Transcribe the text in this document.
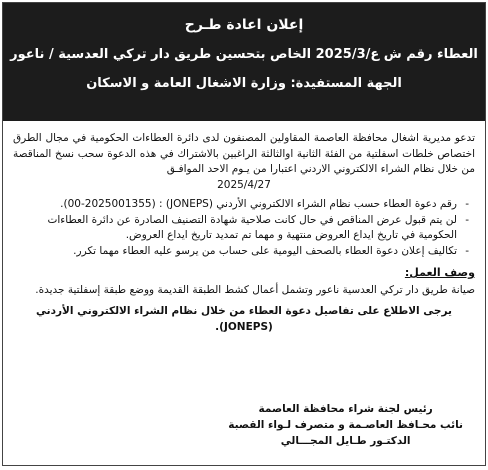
إعلان اعادة طـرح
العطاء رقم ش ع/2025/3 الخاص بتحسين طريق دار تركي العدسية / ناعور
الجهة المستفيدة: وزارة الاشغال العامة و الاسكان

تدعو مديرية اشغال محافظة العاصمة المقاولين المصنفون لدى دائرة العطاءات الحكومية في مجال الطرق اختصاص خلطات اسفلتية من الفئة الثانية اوالثالثة الراغبين بالاشتراك في هذه الدعوة سحب نسخ المناقصة من خلال نظام الشراء الالكتروني الاردني اعتبارا من يـوم الاحد الموافـق

2025/4/27

- رقم دعوة العطاء حسب نظام الشراء الالكتروني الأردني (JONEPS) : (00-2025001355).
- لن يتم قبول عرض المناقص في حال كانت صلاحية شهادة التصنيف الصادرة عن دائرة العطاءات الحكومية في تاريخ ايداع العروض منتهية و مهما تم تمديد تاريخ ايداع العروض.
- تكاليف إعلان دعوة العطاء بالصحف اليومية على حساب من يرسو عليه العطاء مهما تكرر.
وصف العمل:

صيانة طريق دار تركي العدسية ناعور وتشمل أعمال كشط الطبقة القديمة ووضع طبقة إسفلتية جديدة.

يرجى الاطلاع على تفاصيل دعوة العطاء من خلال نظام الشراء الالكتروني الأردني (JONEPS).

رئيس لجنة شراء محافظة العاصمة
نائب محـافظ العاصـمة و متصرف لـواء القصبة
الدكتـور طـايل المجـــالي
